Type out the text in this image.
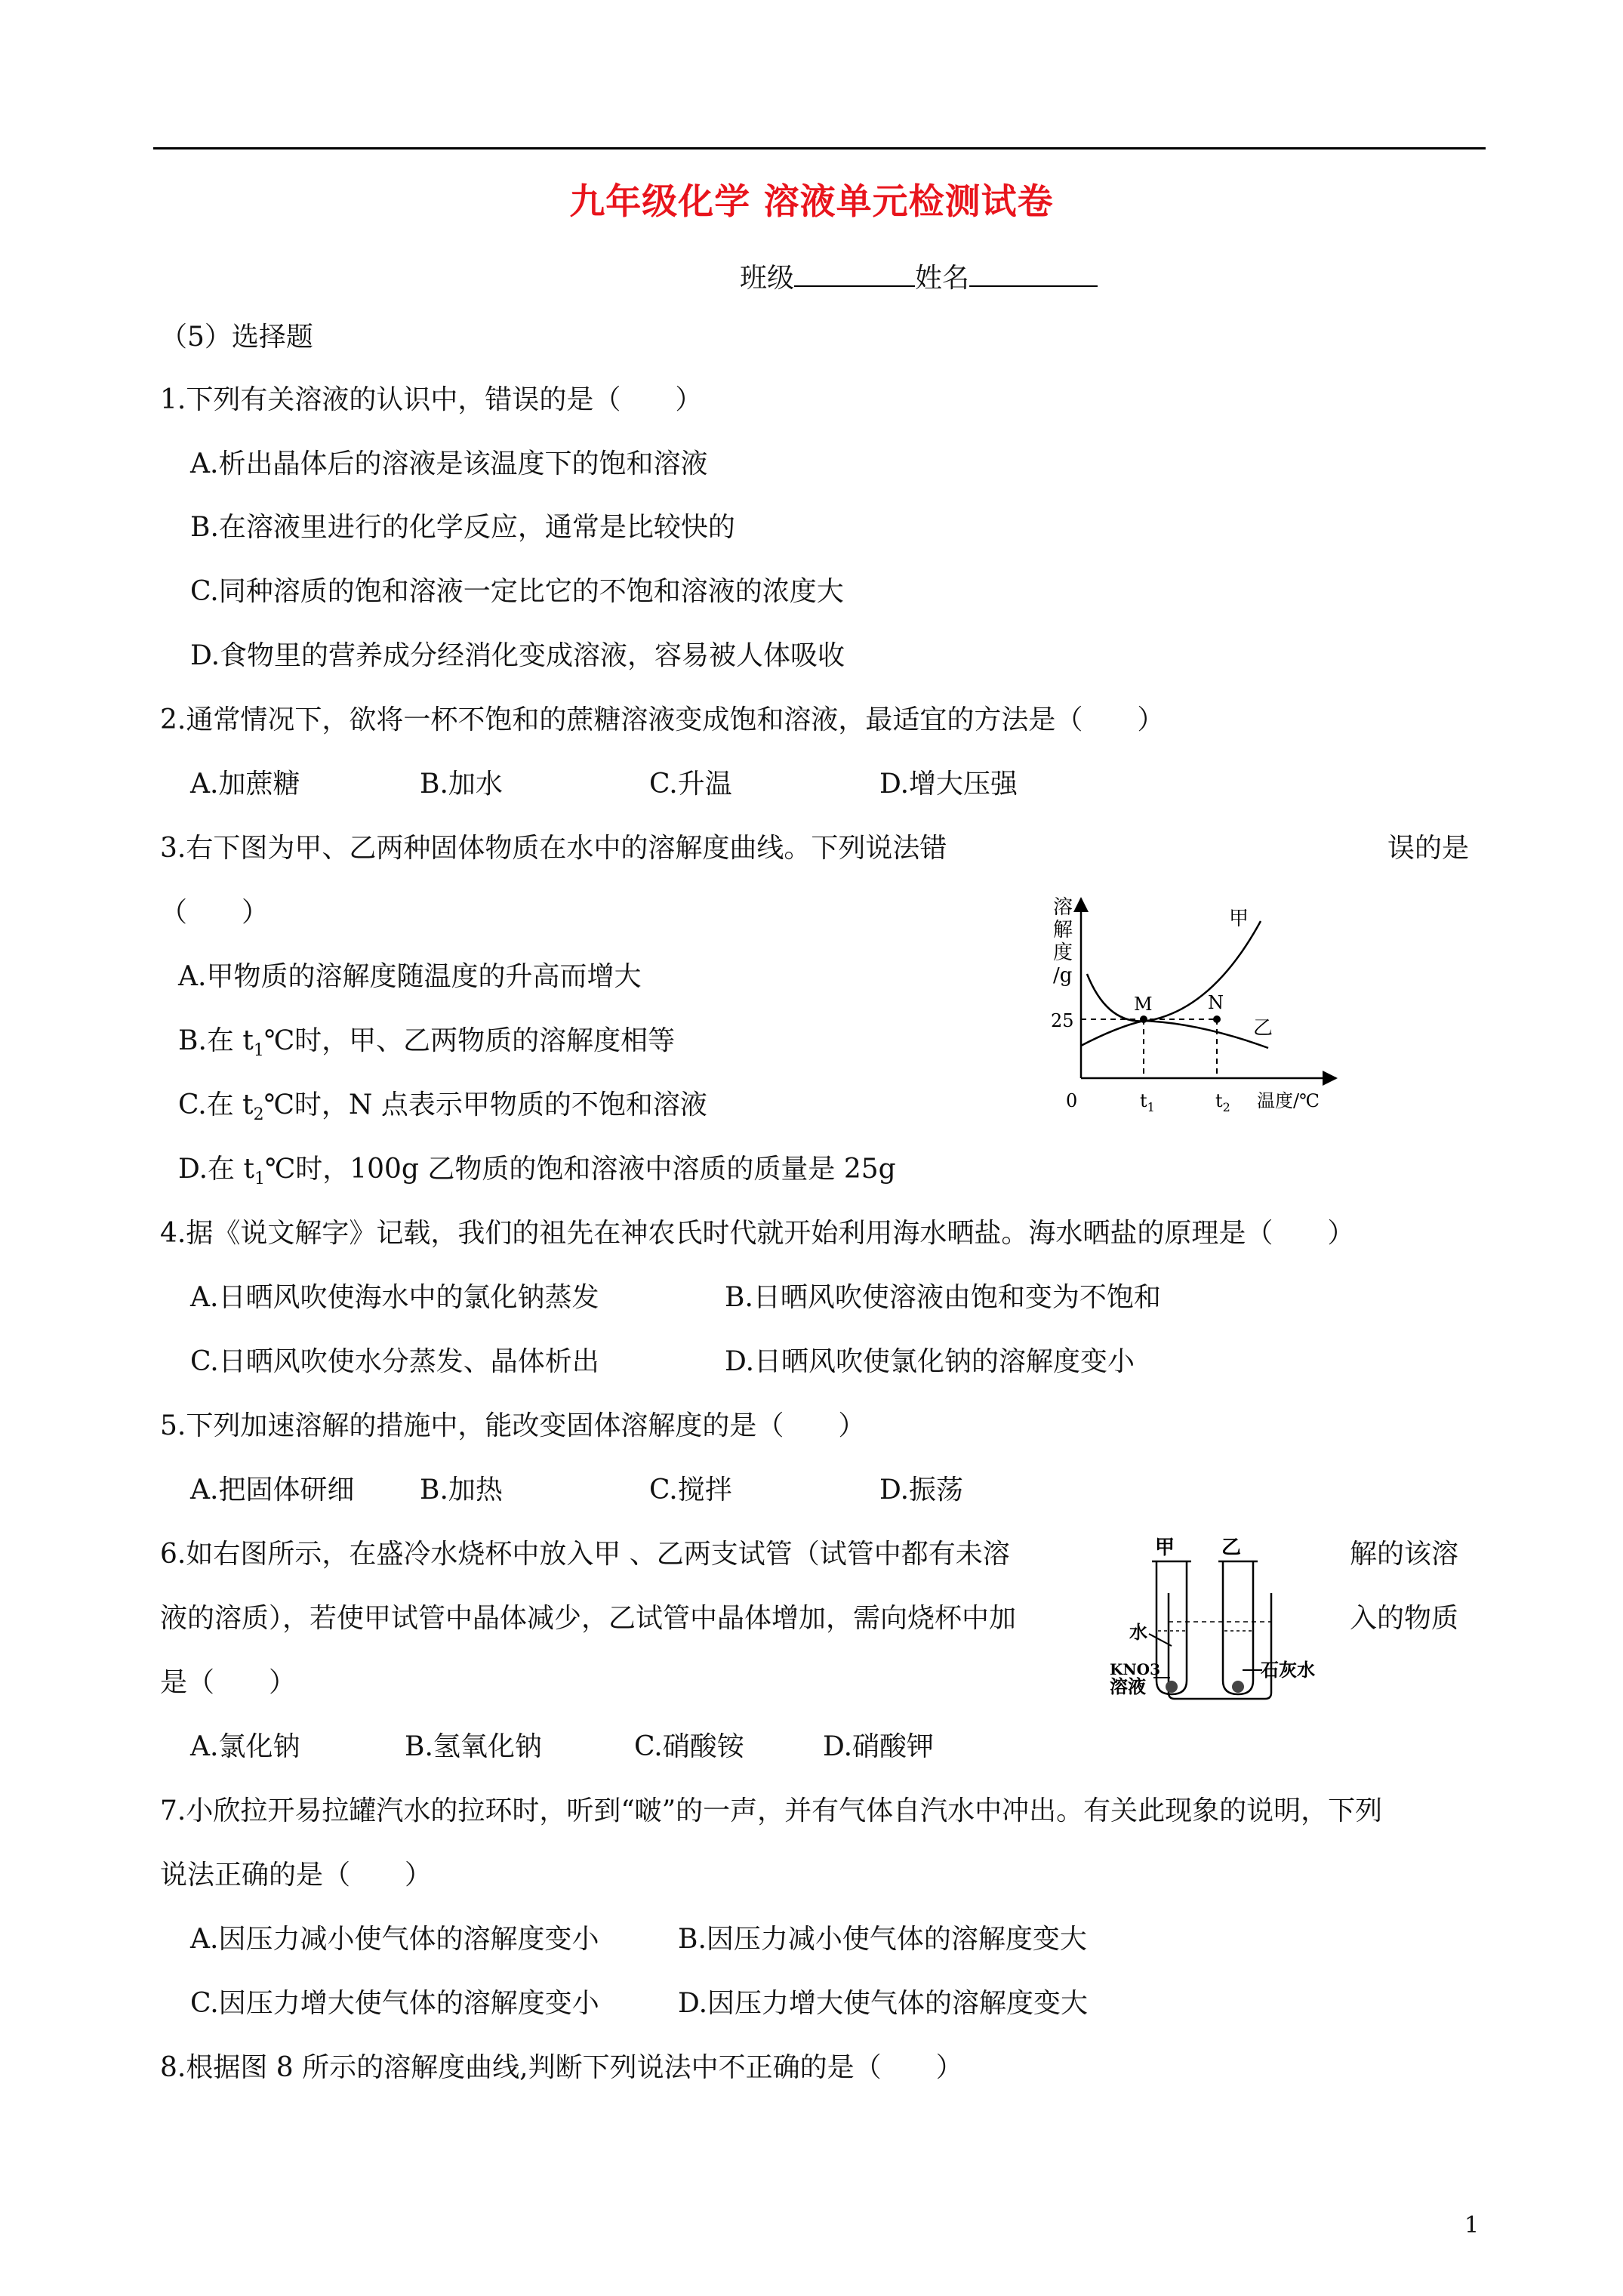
九年级化学 溶液单元检测试卷
班级	姓名
（5）选择题
1.下列有关溶液的认识中，错误的是（　　）
A.析出晶体后的溶液是该温度下的饱和溶液
B.在溶液里进行的化学反应，通常是比较快的
C.同种溶质的饱和溶液一定比它的不饱和溶液的浓度大
D.食物里的营养成分经消化变成溶液，容易被人体吸收
2.通常情况下，欲将一杯不饱和的蔗糖溶液变成饱和溶液，最适宜的方法是（　　）
A.加蔗糖	B.加水	C.升温	D.增大压强
3.右下图为甲、乙两种固体物质在水中的溶解度曲线。下列说法错	误的是
（　　）
A.甲物质的溶解度随温度的升高而增大
B.在 $t_1℃$时，甲、乙两物质的溶解度相等
C.在 $t_2℃$时，N 点表示甲物质的不饱和溶液
D.在 $t_1℃$时，100g 乙物质的饱和溶液中溶质的质量是 25g
溶
解
度
/g
25
0	$t_1$	$t_2$ 温度/℃
M	N
甲
乙
4.据《说文解字》记载，我们的祖先在神农氏时代就开始利用海水晒盐。海水晒盐的原理是（　　）
A.日晒风吹使海水中的氯化钠蒸发	B.日晒风吹使溶液由饱和变为不饱和
C.日晒风吹使水分蒸发、晶体析出	D.日晒风吹使氯化钠的溶解度变小
5.下列加速溶解的措施中，能改变固体溶解度的是（　　）
A.把固体研细 B.加热	C.搅拌	D.振荡
6.如右图所示，在盛冷水烧杯中放入甲 、乙两支试管（试管中都有未溶	解的该溶
液的溶质），若使甲试管中晶体减少，乙试管中晶体增加，需向烧杯中加	入的物质
是（　　）
甲 乙
水
KNO3
溶液
石灰水
A.氯化钠	B.氢氧化钠	C.硝酸铵	D.硝酸钾
7.小欣拉开易拉罐汽水的拉环时，听到“啵”的一声，并有气体自汽水中冲出。有关此现象的说明，下列
说法正确的是（　　）
A.因压力减小使气体的溶解度变小	B.因压力减小使气体的溶解度变大
C.因压力增大使气体的溶解度变小	D.因压力增大使气体的溶解度变大
8.根据图 8 所示的溶解度曲线,判断下列说法中不正确的是（　　）
1
